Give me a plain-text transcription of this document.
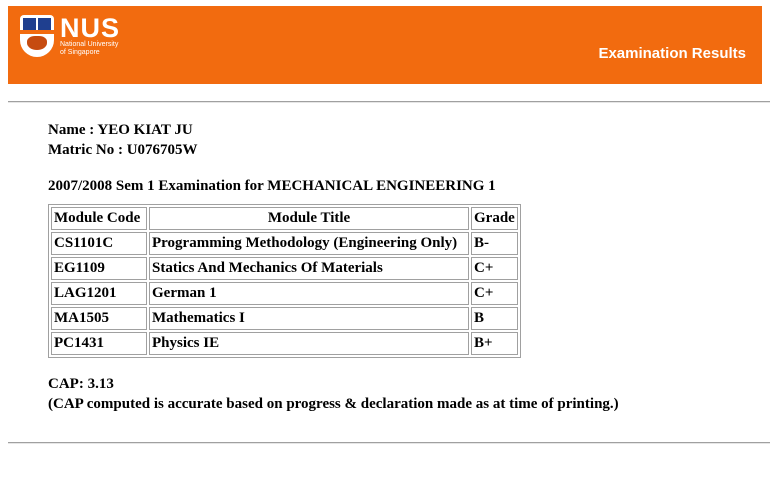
NUS
National University
of Singapore	Examination Results
Name : YEO KIAT JU
Matric No : U076705W
2007/2008 Sem 1 Examination for MECHANICAL ENGINEERING 1
Module Code	Module Title	Grade
CS1101C	Programming Methodology (Engineering Only)	B-
EG1109	Statics And Mechanics Of Materials	C+
LAG1201	German 1	C+
MA1505	Mathematics I	B
PC1431	Physics IE	B+
CAP: 3.13
(CAP computed is accurate based on progress & declaration made as at time of printing.)
